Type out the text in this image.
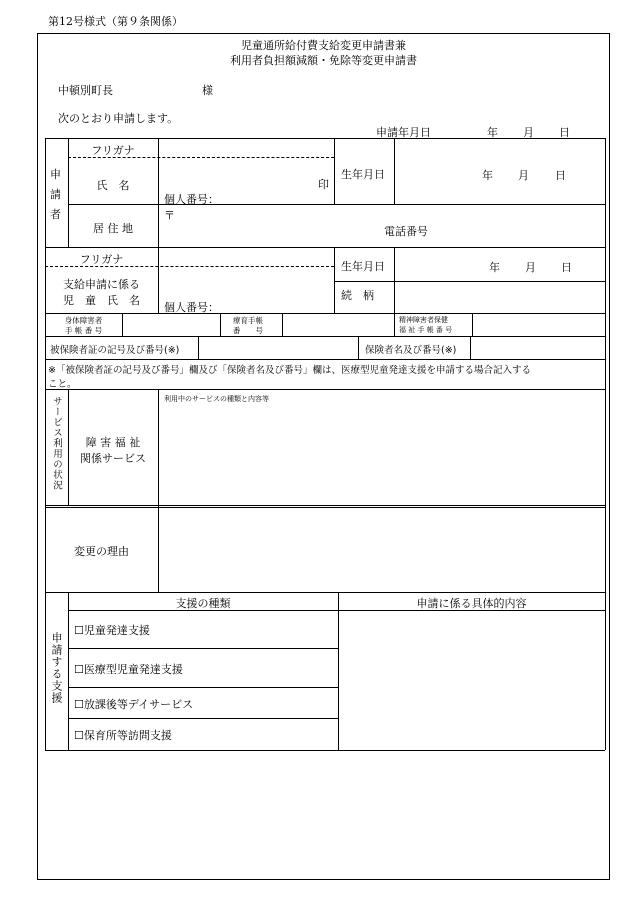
第12号様式（第９条関係）
児童通所給付費支給変更申請書兼
利用者負担額減額・免除等変更申請書
中頓別町長	様
次のとおり申請します。
申請年月日	年 月 日
申請者
フリガナ
氏　名	印
個人番号：
生年月日	年 月 日
居 住 地
〒
電話番号
フリガナ
支給申請に係る
児　童　氏　名
個人番号：
生年月日	年 月 日
続　柄
身体障害者
手 帳 番 号
療育手帳
番　　号
精神障害者保健
福 祉 手 帳 番 号
被保険者証の記号及び番号(※)	保険者名及び番号(※)
※「被保険者証の記号及び番号」欄及び「保険者名及び番号」欄は、医療型児童発達支援を申請する場合記入する
こと。
サービス利用の状況	障 害 福 祉
関係サービス
利用中のサービスの種類と内容等
変更の理由
申請する支援
支援の種類	申請に係る具体的内容
☐児童発達支援
☐医療型児童発達支援
☐放課後等デイサービス
☐保育所等訪問支援
